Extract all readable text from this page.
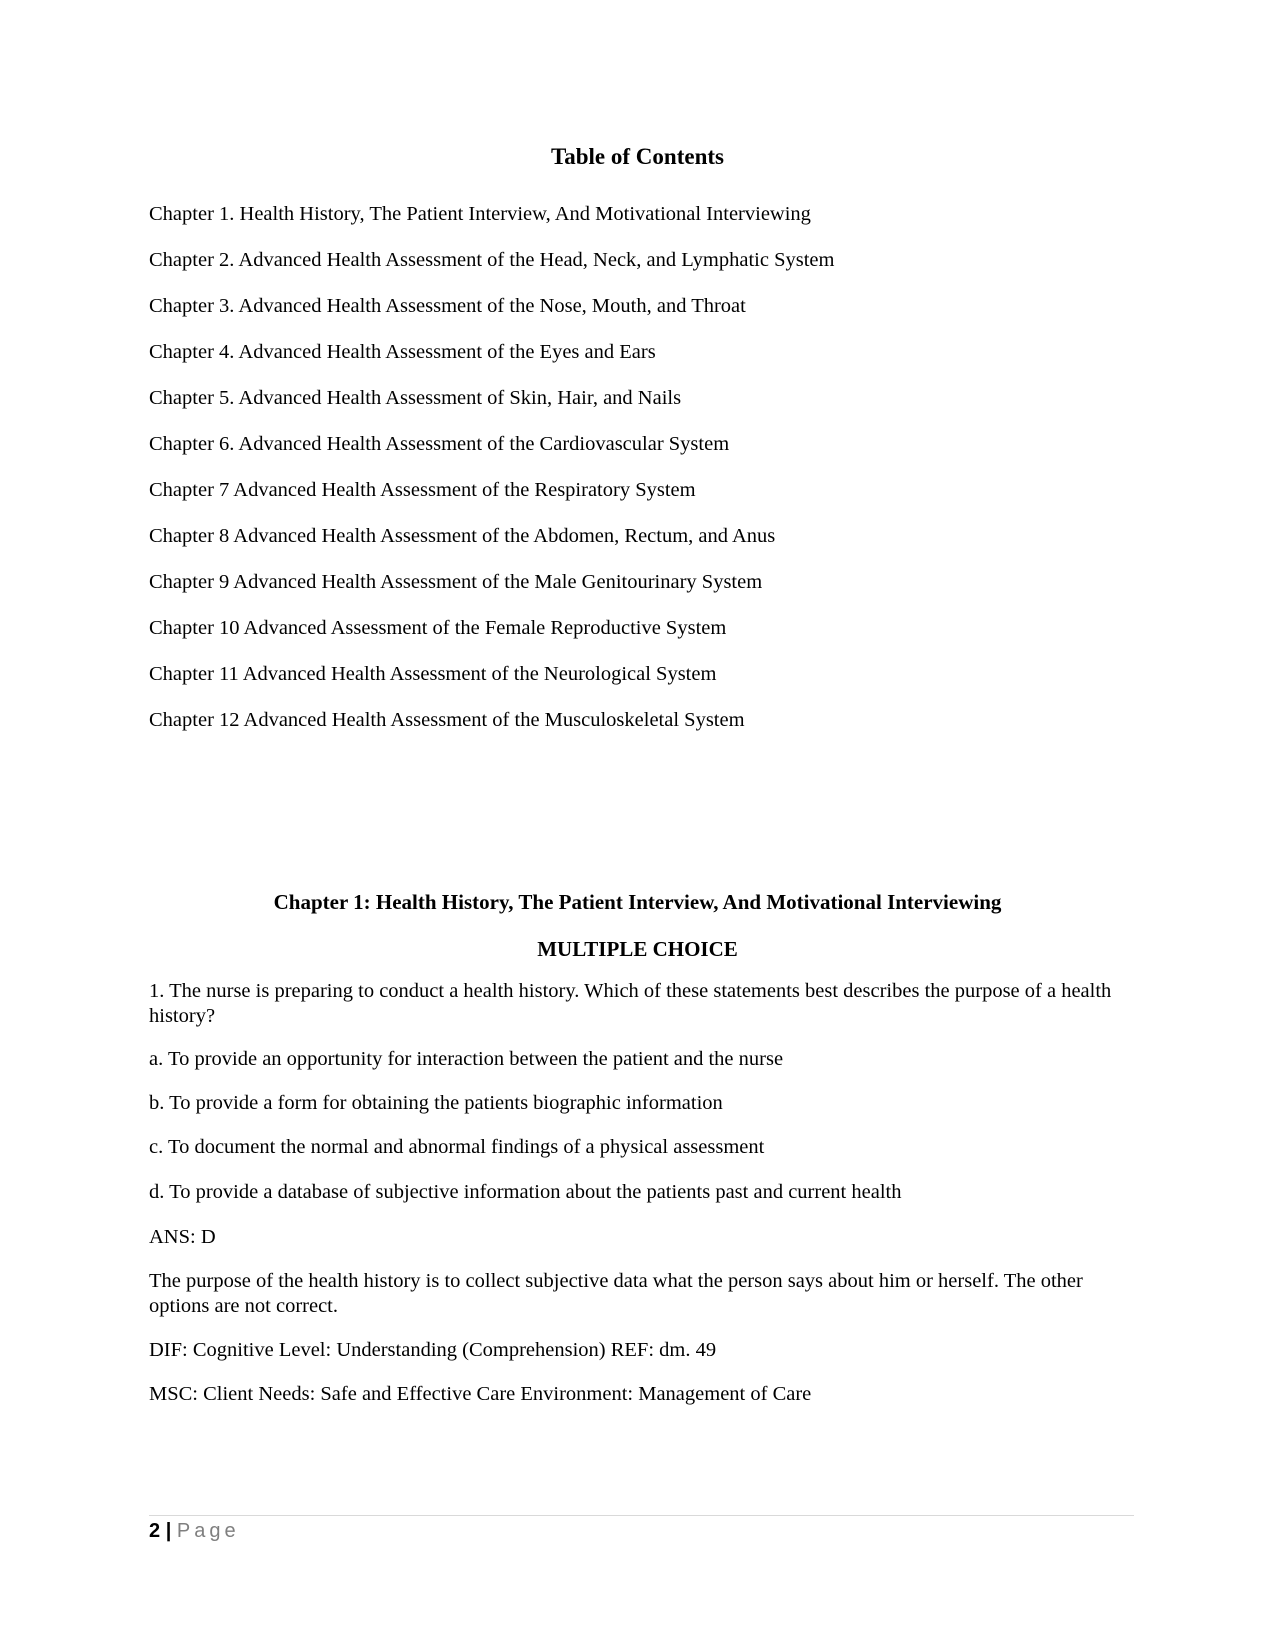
Table of Contents
Chapter 1. Health History, The Patient Interview, And Motivational Interviewing
Chapter 2. Advanced Health Assessment of the Head, Neck, and Lymphatic System
Chapter 3. Advanced Health Assessment of the Nose, Mouth, and Throat
Chapter 4. Advanced Health Assessment of the Eyes and Ears
Chapter 5. Advanced Health Assessment of Skin, Hair, and Nails
Chapter 6. Advanced Health Assessment of the Cardiovascular System
Chapter 7 Advanced Health Assessment of the Respiratory System
Chapter 8 Advanced Health Assessment of the Abdomen, Rectum, and Anus
Chapter 9 Advanced Health Assessment of the Male Genitourinary System
Chapter 10 Advanced Assessment of the Female Reproductive System
Chapter 11 Advanced Health Assessment of the Neurological System
Chapter 12 Advanced Health Assessment of the Musculoskeletal System
Chapter 1: Health History, The Patient Interview, And Motivational Interviewing
MULTIPLE CHOICE
1. The nurse is preparing to conduct a health history. Which of these statements best describes the purpose of a health history?
a. To provide an opportunity for interaction between the patient and the nurse
b. To provide a form for obtaining the patients biographic information
c. To document the normal and abnormal findings of a physical assessment
d. To provide a database of subjective information about the patients past and current health
ANS: D
The purpose of the health history is to collect subjective data what the person says about him or herself. The other options are not correct.
DIF: Cognitive Level: Understanding (Comprehension) REF: dm. 49
MSC: Client Needs: Safe and Effective Care Environment: Management of Care
2 | Page
